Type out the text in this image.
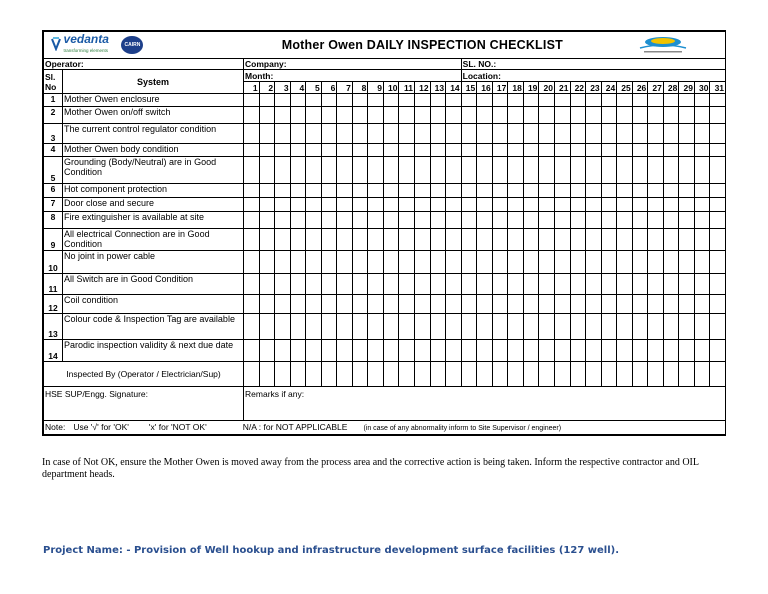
vedanta
transforming elements CAIRN		Mother Owen DAILY INSPECTION CHECKLIST	
Operator:		Company:														SL. NO.:																
Sl. No	System	Month:														Location:																
		1	2	3	4	5	6	7	8	9	10	11	12	13	14	15	16	17	18	19	20	21	22	23	24	25	26	27	28	29	30	31
1	Mother Owen enclosure																															
2	Mother Owen on/off switch																															
3	The current control regulator condition																															
4	Mother Owen body condition																															
5	Grounding (Body/Neutral) are in Good Condition																															
6	Hot component protection																															
7	Door close and secure																															
8	Fire extinguisher is available at site																															
9	All electrical Connection are in Good Condition																															
10	No joint in power cable																															
11	All Switch are in Good Condition																															
12	Coil condition																															
13	Colour code & Inspection Tag are available																															
14	Parodic inspection validity & next due date																															
Inspected By (Operator / Electrician/Sup)																																
HSE SUP/Engg. Signature:		Remarks if any:																														
Note: Use '√' for 'OK' 'x' for 'NOT OK' N/A : for NOT APPLICABLE (in case of any abnormality inform to Site Supervisor / engineer)																																
In case of Not OK, ensure the Mother Owen is moved away from the process area and the corrective action is being taken. Inform the respective contractor and OIL department heads.
Project Name: - Provision of Well hookup and infrastructure development surface facilities (127 well).
